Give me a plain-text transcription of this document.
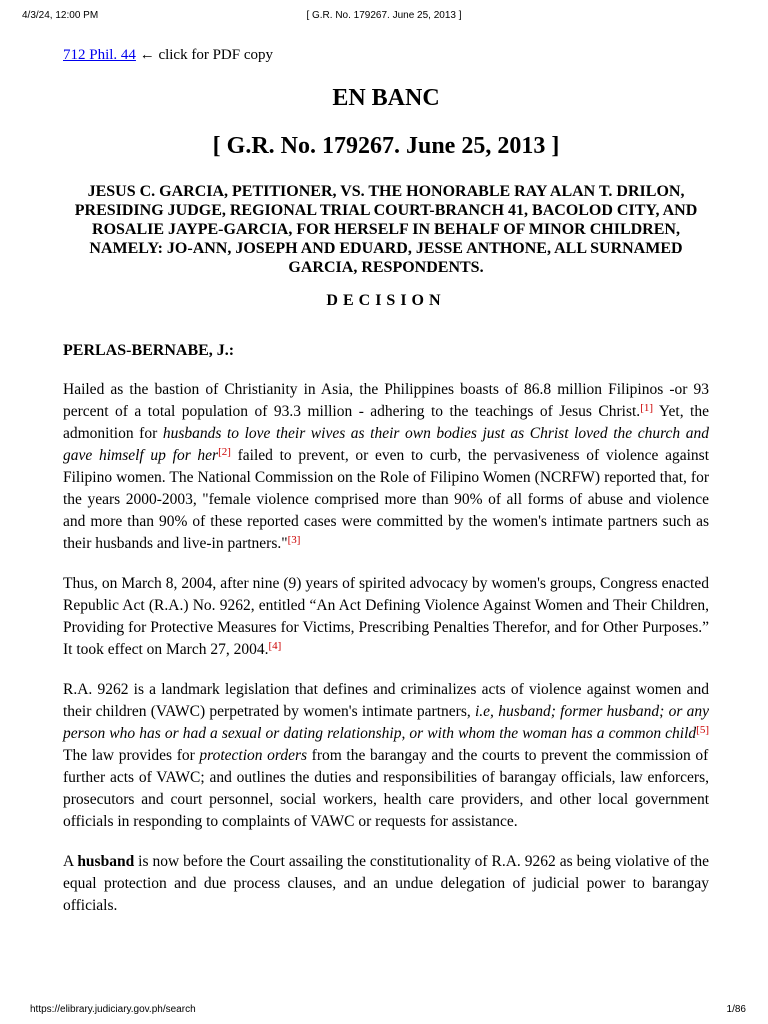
4/3/24, 12:00 PM	[ G.R. No. 179267. June 25, 2013 ]
712 Phil. 44 ← click for PDF copy
EN BANC
[ G.R. No. 179267. June 25, 2013 ]
JESUS C. GARCIA, PETITIONER, VS. THE HONORABLE RAY ALAN T. DRILON, PRESIDING JUDGE, REGIONAL TRIAL COURT-BRANCH 41, BACOLOD CITY, AND ROSALIE JAYPE-GARCIA, FOR HERSELF IN BEHALF OF MINOR CHILDREN, NAMELY: JO-ANN, JOSEPH AND EDUARD, JESSE ANTHONE, ALL SURNAMED GARCIA, RESPONDENTS.
DECISION
PERLAS-BERNABE, J.:

Hailed as the bastion of Christianity in Asia, the Philippines boasts of 86.8 million Filipinos -or 93 percent of a total population of 93.3 million - adhering to the teachings of Jesus Christ.[1] Yet, the admonition for husbands to love their wives as their own bodies just as Christ loved the church and gave himself up for her[2] failed to prevent, or even to curb, the pervasiveness of violence against Filipino women. The National Commission on the Role of Filipino Women (NCRFW) reported that, for the years 2000-2003, "female violence comprised more than 90% of all forms of abuse and violence and more than 90% of these reported cases were committed by the women's intimate partners such as their husbands and live-in partners."[3]

Thus, on March 8, 2004, after nine (9) years of spirited advocacy by women's groups, Congress enacted Republic Act (R.A.) No. 9262, entitled “An Act Defining Violence Against Women and Their Children, Providing for Protective Measures for Victims, Prescribing Penalties Therefor, and for Other Purposes.” It took effect on March 27, 2004.[4]

R.A. 9262 is a landmark legislation that defines and criminalizes acts of violence against women and their children (VAWC) perpetrated by women's intimate partners, i.e, husband; former husband; or any person who has or had a sexual or dating relationship, or with whom the woman has a common child[5] The law provides for protection orders from the barangay and the courts to prevent the commission of further acts of VAWC; and outlines the duties and responsibilities of barangay officials, law enforcers, prosecutors and court personnel, social workers, health care providers, and other local government officials in responding to complaints of VAWC or requests for assistance.

A husband is now before the Court assailing the constitutionality of R.A. 9262 as being violative of the equal protection and due process clauses, and an undue delegation of judicial power to barangay officials.

https://elibrary.judiciary.gov.ph/search	1/86
